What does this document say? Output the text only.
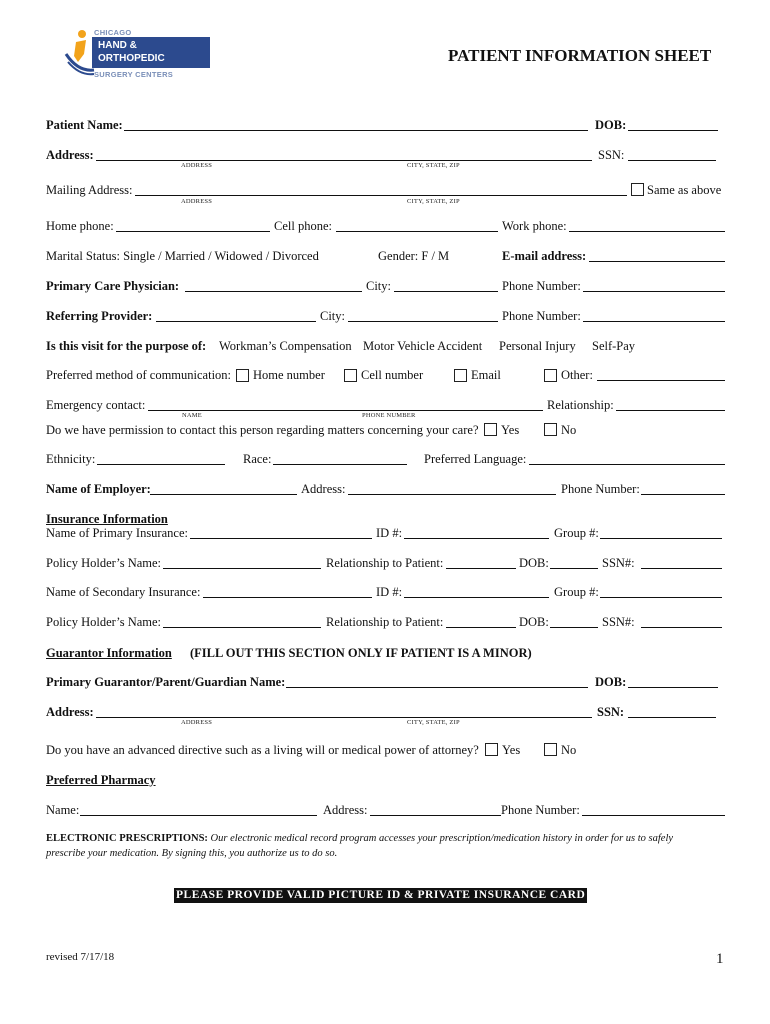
CHICAGO
HAND &
ORTHOPEDIC
SURGERY CENTERS
PATIENT INFORMATION SHEET
Patient Name:	DOB:
Address:	SSN:
ADDRESS	CITY, STATE, ZIP
Mailing Address:	Same as above
ADDRESS	CITY, STATE, ZIP
Home phone:	Cell phone:	Work phone:
Marital Status: Single / Married / Widowed / Divorced	Gender: F / M	E-mail address:
Primary Care Physician:	City:	Phone Number:
Referring Provider:	City:	Phone Number:
Is this visit for the purpose of: Workman’s Compensation Motor Vehicle Accident Personal Injury Self-Pay
Preferred method of communication: Home number	Cell number	Email	Other:
Emergency contact:	Relationship:
NAME	PHONE NUMBER
Do we have permission to contact this person regarding matters concerning your care? Yes	No
Ethnicity:	Race:	Preferred Language:
Name of Employer:	Address:	Phone Number:
Insurance Information
Name of Primary Insurance:	ID #:	Group #:
Policy Holder’s Name:	Relationship to Patient:	DOB:	SSN#:
Name of Secondary Insurance:	ID #:	Group #:
Policy Holder’s Name:	Relationship to Patient:	DOB:	SSN#:
Guarantor Information (FILL OUT THIS SECTION ONLY IF PATIENT IS A MINOR)
Primary Guarantor/Parent/Guardian Name:	DOB:
Address:	SSN:
ADDRESS	CITY, STATE, ZIP
Do you have an advanced directive such as a living will or medical power of attorney? Yes	No
Preferred Pharmacy
Name:	Address:	Phone Number:
ELECTRONIC PRESCRIPTIONS: Our electronic medical record program accesses your prescription/medication history in order for us to safely
prescribe your medication. By signing this, you authorize us to do so.
PLEASE PROVIDE VALID PICTURE ID & PRIVATE INSURANCE CARD
revised 7/17/18	1
